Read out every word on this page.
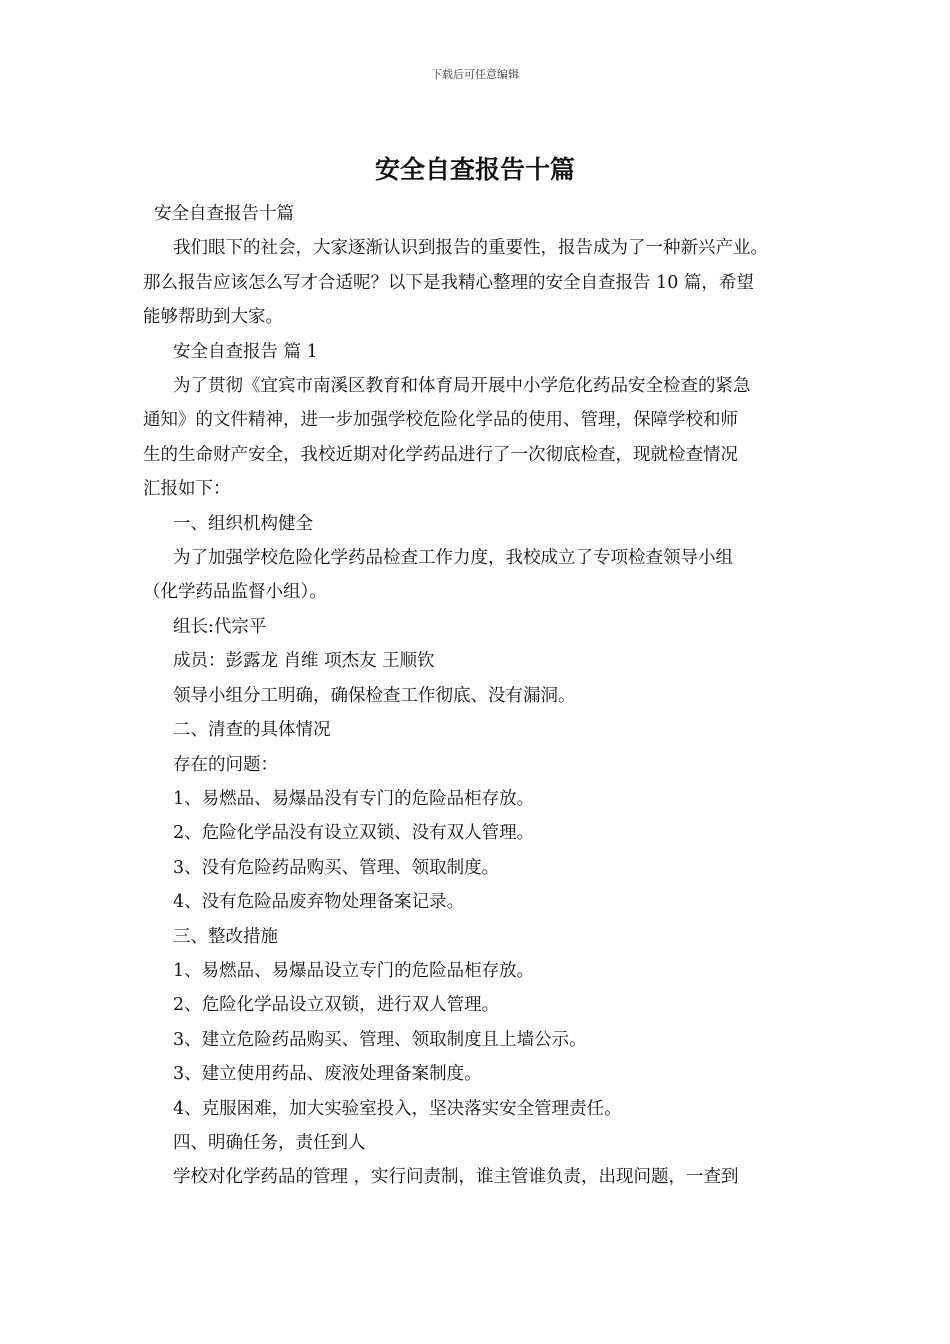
下载后可任意编辑
安全自查报告十篇

安全自查报告十篇

我们眼下的社会，大家逐渐认识到报告的重要性，报告成为了一种新兴产业。

那么报告应该怎么写才合适呢？以下是我精心整理的安全自查报告 10 篇，希望

能够帮助到大家。

安全自查报告 篇 1

为了贯彻《宜宾市南溪区教育和体育局开展中小学危化药品安全检查的紧急

通知》的文件精神，进一步加强学校危险化学品的使用、管理，保障学校和师

生的生命财产安全，我校近期对化学药品进行了一次彻底检查，现就检查情况

汇报如下：

一、组织机构健全

为了加强学校危险化学药品检查工作力度，我校成立了专项检查领导小组

（化学药品监督小组）。

组长:代宗平

成员：彭露龙 肖维 项杰友 王顺钦

领导小组分工明确，确保检查工作彻底、没有漏洞。

二、清查的具体情况

存在的问题：

1、易燃品、易爆品没有专门的危险品柜存放。

2、危险化学品没有设立双锁、没有双人管理。

3、没有危险药品购买、管理、领取制度。

4、没有危险品废弃物处理备案记录。

三、整改措施

1、易燃品、易爆品设立专门的危险品柜存放。

2、危险化学品设立双锁，进行双人管理。

3、建立危险药品购买、管理、领取制度且上墙公示。

3、建立使用药品、废液处理备案制度。

4、克服困难，加大实验室投入，坚决落实安全管理责任。

四、明确任务，责任到人

学校对化学药品的管理 ，实行问责制，谁主管谁负责，出现问题，一查到
